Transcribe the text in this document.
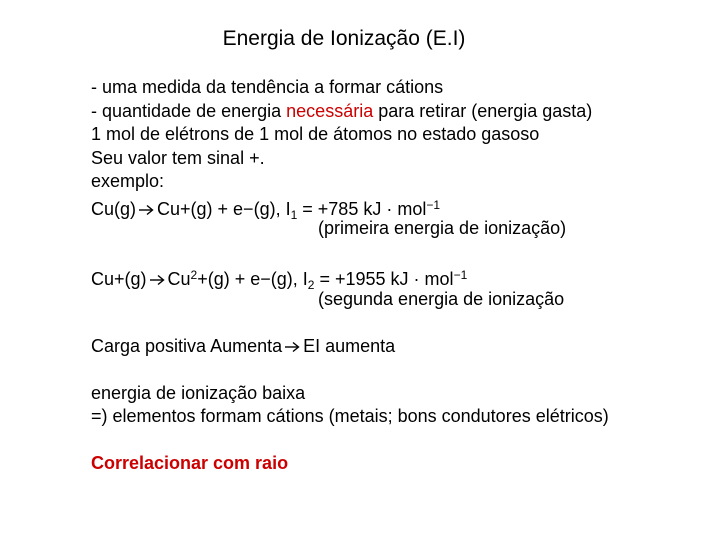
Energia de Ionização (E.I)
- uma medida da tendência a formar cátions
- quantidade de energia necessária para retirar (energia gasta)
1 mol de elétrons de 1 mol de átomos no estado gasoso
Seu valor tem sinal +.
exemplo:
Cu(g) Cu+(g) + e−(g), $I_1 = +785$ kJ · mol$^{-1}$
(primeira energia de ionização)
Cu+(g) $Cu^2+(g) + e-(g)$, $I_2 = +1955$ kJ · mol$^{-1}$
(segunda energia de ionização
Carga positiva Aumenta EI aumenta
energia de ionização baixa
=) elementos formam cátions (metais; bons condutores elétricos)
Correlacionar com raio
